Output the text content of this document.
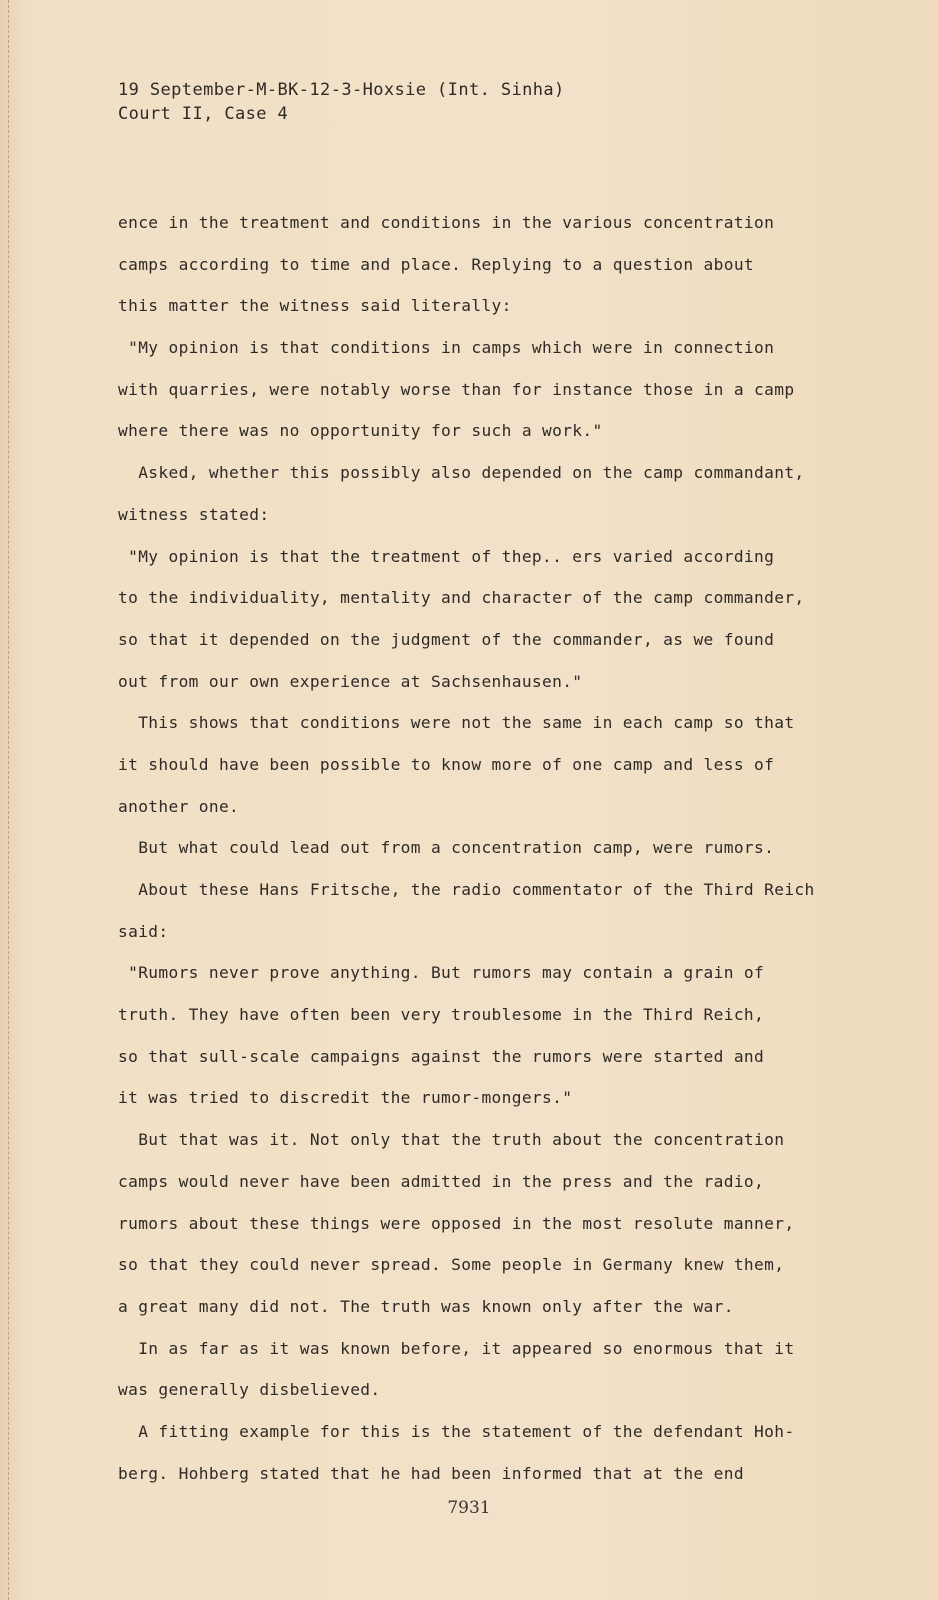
19 September-M-BK-12-3-Hoxsie (Int. Sinha)
Court II, Case 4
ence in the treatment and conditions in the various concentration
camps according to time and place. Replying to a question about
this matter the witness said literally:
"My opinion is that conditions in camps which were in connection
with quarries, were notably worse than for instance those in a camp
where there was no opportunity for such a work."
Asked, whether this possibly also depended on the camp commandant,
witness stated:
"My opinion is that the treatment of thep.. ers varied according
to the individuality, mentality and character of the camp commander,
so that it depended on the judgment of the commander, as we found
out from our own experience at Sachsenhausen."
This shows that conditions were not the same in each camp so that
it should have been possible to know more of one camp and less of
another one.
But what could lead out from a concentration camp, were rumors.
About these Hans Fritsche, the radio commentator of the Third Reich
said:
"Rumors never prove anything. But rumors may contain a grain of
truth. They have often been very troublesome in the Third Reich,
so that sull-scale campaigns against the rumors were started and
it was tried to discredit the rumor-mongers."
But that was it. Not only that the truth about the concentration
camps would never have been admitted in the press and the radio,
rumors about these things were opposed in the most resolute manner,
so that they could never spread. Some people in Germany knew them,
a great many did not. The truth was known only after the war.
In as far as it was known before, it appeared so enormous that it
was generally disbelieved.
A fitting example for this is the statement of the defendant Hoh-
berg. Hohberg stated that he had been informed that at the end
7931
